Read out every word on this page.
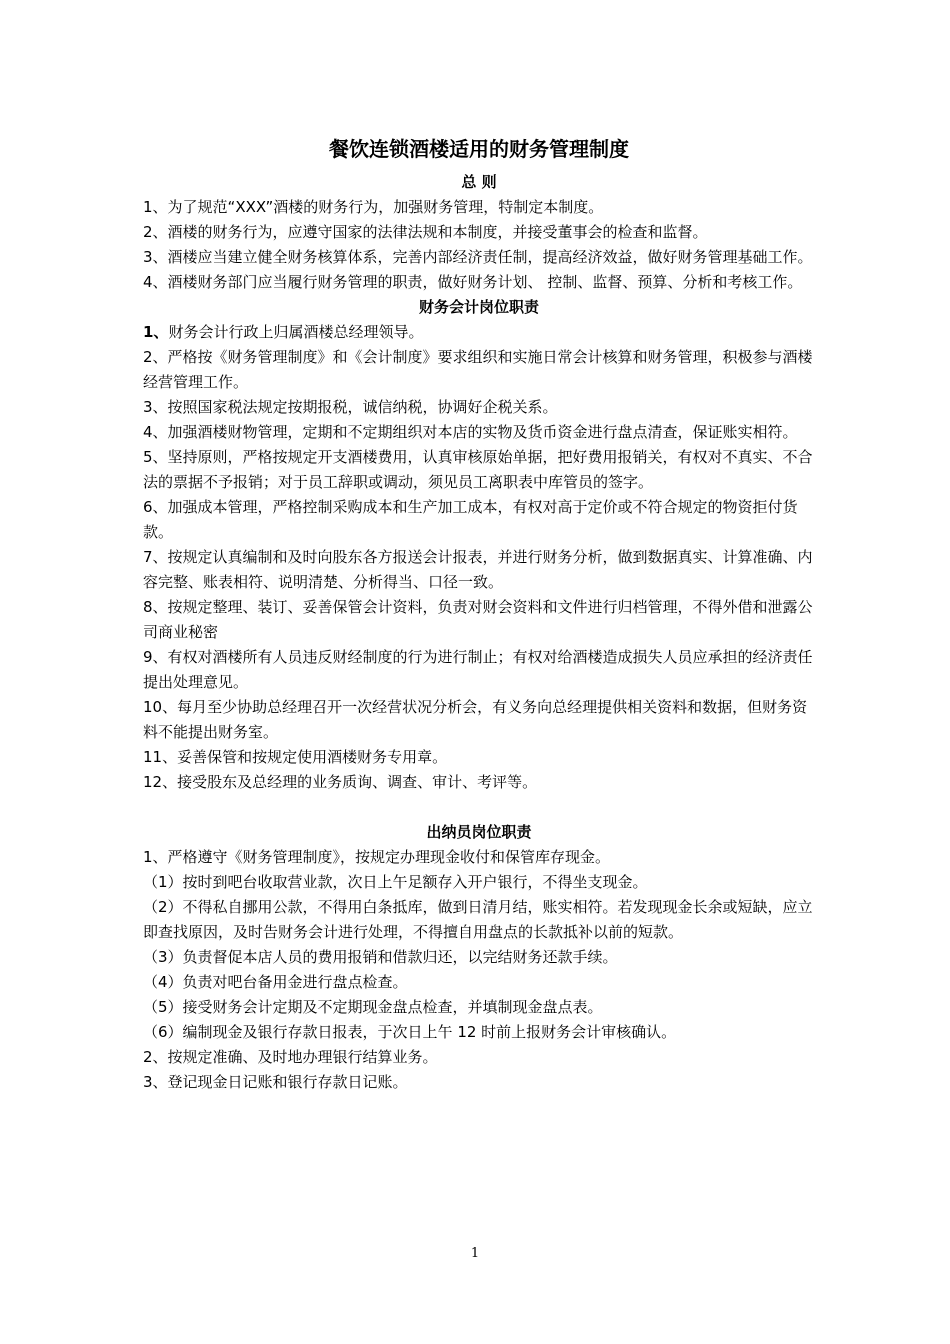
餐饮连锁酒楼适用的财务管理制度
总 则

1、为了规范“XXX”酒楼的财务行为，加强财务管理，特制定本制度。

2、酒楼的财务行为，应遵守国家的法律法规和本制度，并接受董事会的检查和监督。

3、酒楼应当建立健全财务核算体系，完善内部经济责任制，提高经济效益，做好财务管理基础工作。

4、酒楼财务部门应当履行财务管理的职责，做好财务计划、 控制、监督、预算、分析和考核工作。

财务会计岗位职责

1、财务会计行政上归属酒楼总经理领导。

2、严格按《财务管理制度》和《会计制度》要求组织和实施日常会计核算和财务管理，积极参与酒楼经营管理工作。

3、按照国家税法规定按期报税，诚信纳税，协调好企税关系。

4、加强酒楼财物管理，定期和不定期组织对本店的实物及货币资金进行盘点清查，保证账实相符。

5、坚持原则，严格按规定开支酒楼费用，认真审核原始单据，把好费用报销关，有权对不真实、不合法的票据不予报销；对于员工辞职或调动，须见员工离职表中库管员的签字。

6、加强成本管理，严格控制采购成本和生产加工成本，有权对高于定价或不符合规定的物资拒付货款。

7、按规定认真编制和及时向股东各方报送会计报表，并进行财务分析，做到数据真实、计算准确、内容完整、账表相符、说明清楚、分析得当、口径一致。

8、按规定整理、装订、妥善保管会计资料，负责对财会资料和文件进行归档管理，不得外借和泄露公司商业秘密

9、有权对酒楼所有人员违反财经制度的行为进行制止；有权对给酒楼造成损失人员应承担的经济责任提出处理意见。

10、每月至少协助总经理召开一次经营状况分析会，有义务向总经理提供相关资料和数据，但财务资料不能提出财务室。

11、妥善保管和按规定使用酒楼财务专用章。

12、接受股东及总经理的业务质询、调查、审计、考评等。

出纳员岗位职责

1、严格遵守《财务管理制度》，按规定办理现金收付和保管库存现金。

（1）按时到吧台收取营业款，次日上午足额存入开户银行，不得坐支现金。

（2）不得私自挪用公款，不得用白条抵库，做到日清月结，账实相符。若发现现金长余或短缺，应立即查找原因，及时告财务会计进行处理，不得擅自用盘点的长款抵补以前的短款。

（3）负责督促本店人员的费用报销和借款归还，以完结财务还款手续。

（4）负责对吧台备用金进行盘点检查。

（5）接受财务会计定期及不定期现金盘点检查，并填制现金盘点表。

（6）编制现金及银行存款日报表，于次日上午 12 时前上报财务会计审核确认。

2、按规定准确、及时地办理银行结算业务。

3、登记现金日记账和银行存款日记账。

1
